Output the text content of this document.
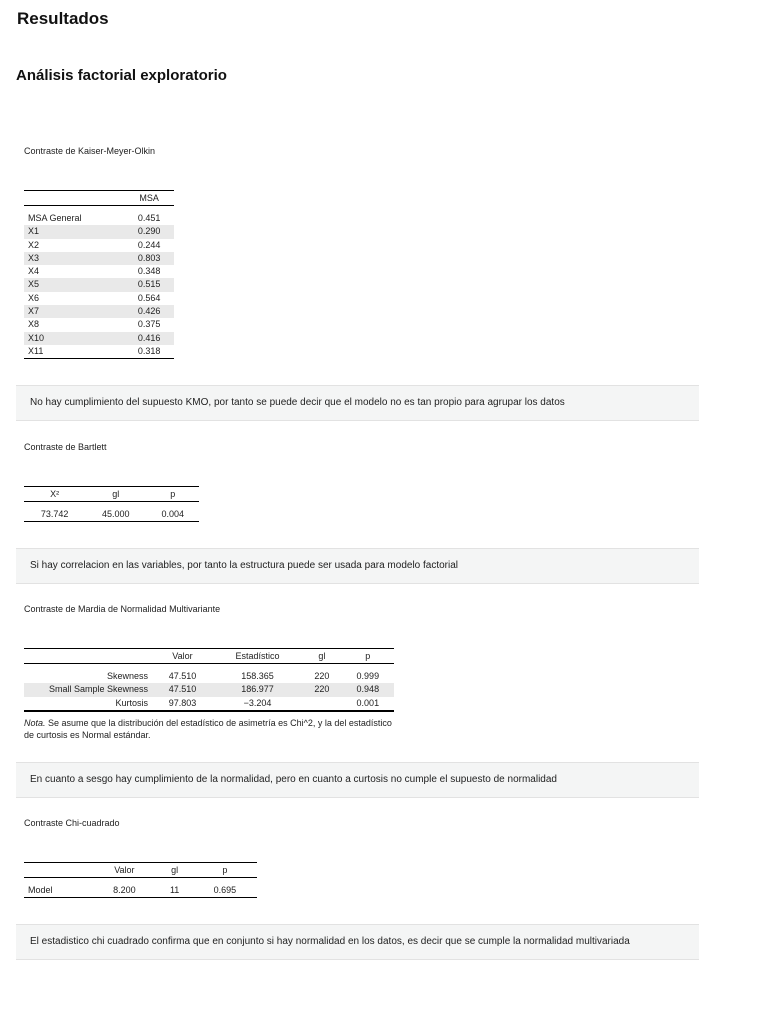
Resultados
Análisis factorial exploratorio
Contraste de Kaiser-Meyer-Olkin
	MSA

MSA General	0.451
X1	0.290
X2	0.244
X3	0.803
X4	0.348
X5	0.515
X6	0.564
X7	0.426
X8	0.375
X10	0.416
X11	0.318
No hay cumplimiento del supuesto KMO, por tanto se puede decir que el modelo no es tan propio para agrupar los datos
Contraste de Bartlett
X²	gl	p

73.742	45.000	0.004
Si hay correlacion en las variables, por tanto la estructura puede ser usada para modelo factorial
Contraste de Mardia de Normalidad Multivariante
	Valor	Estadístico	gl	p

Skewness	47.510	158.365	220	0.999
Small Sample Skewness	47.510	186.977	220	0.948
Kurtosis	97.803	−3.204		0.001
Nota. Se asume que la distribución del estadístico de asimetría es Chi^2, y la del estadístico de curtosis es Normal estándar.
En cuanto a sesgo hay cumplimiento de la normalidad, pero en cuanto a curtosis no cumple el supuesto de normalidad
Contraste Chi-cuadrado
	Valor	gl	p

Model	8.200	11	0.695
El estadistico chi cuadrado confirma que en conjunto si hay normalidad en los datos, es decir que se cumple la normalidad multivariada
